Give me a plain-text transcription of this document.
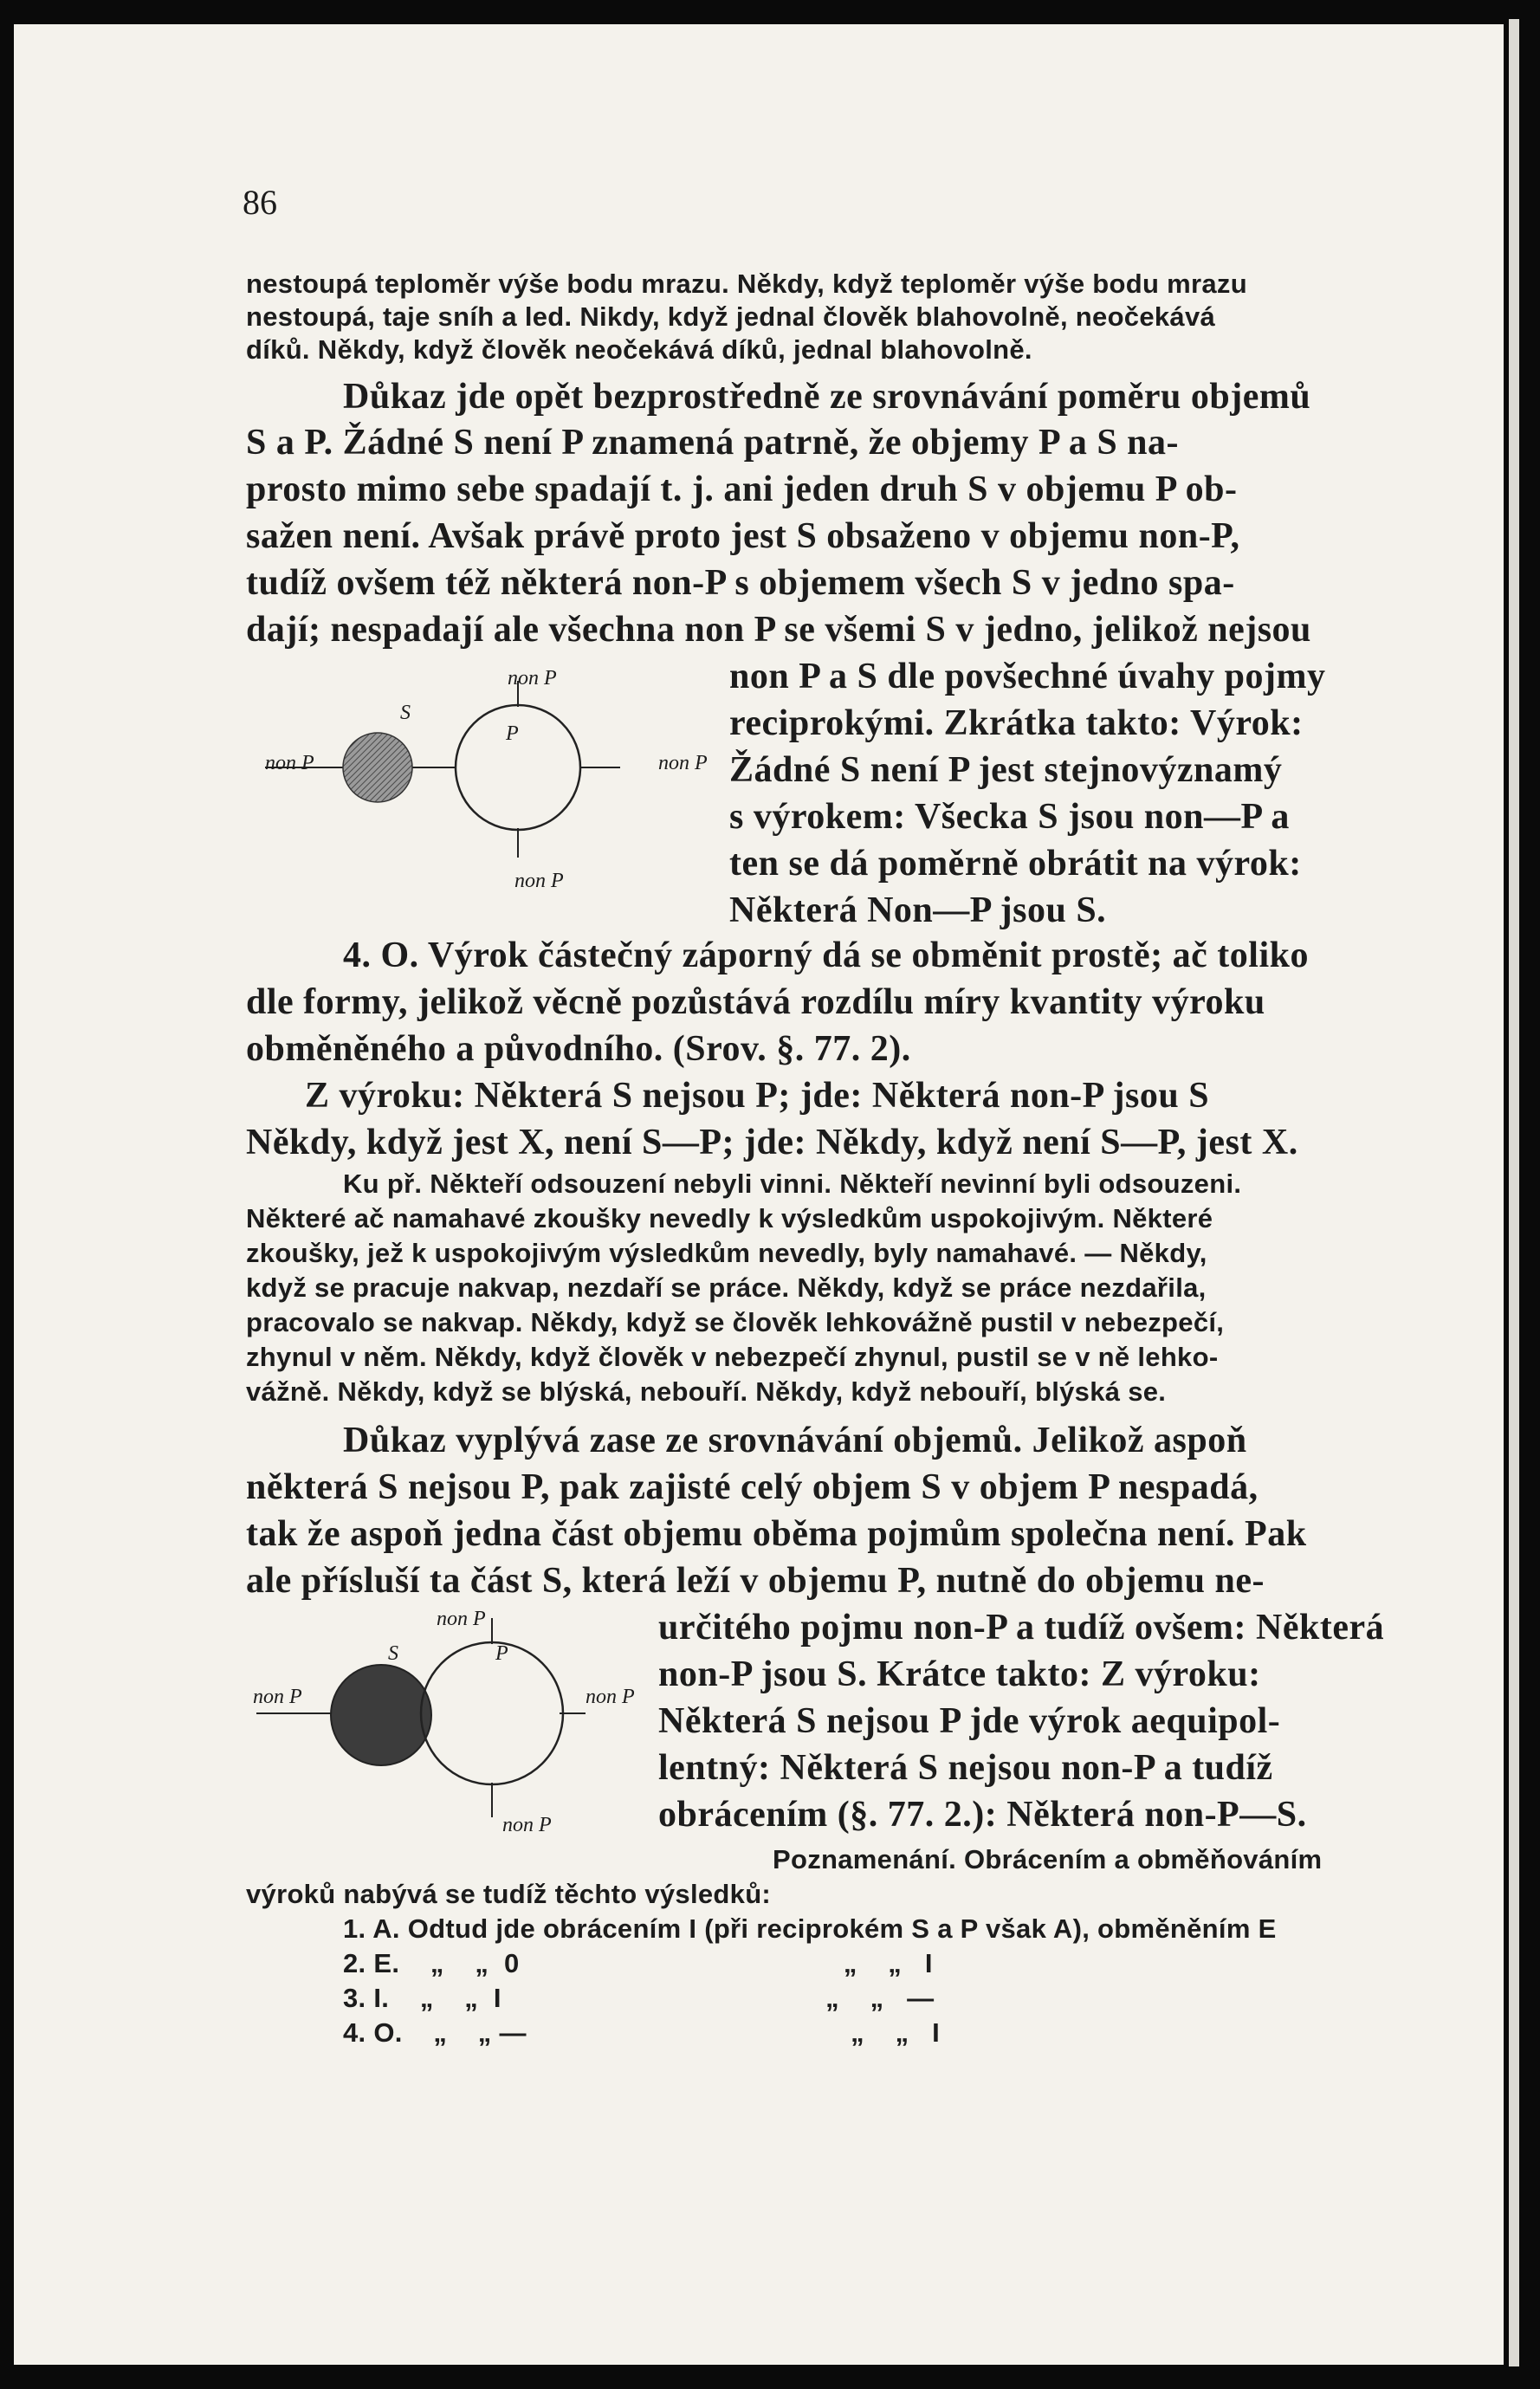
86
nestoupá teploměr výše bodu mrazu. Někdy, když teploměr výše bodu mrazu
nestoupá, taje sníh a led. Nikdy, když jednal člověk blahovolně, neočekává
díků. Někdy, když člověk neočekává díků, jednal blahovolně.
Důkaz jde opět bezprostředně ze srovnávání poměru objemů
S a P. Žádné S není P znamená patrně, že objemy P a S na-
prosto mimo sebe spadají t. j. ani jeden druh S v objemu P ob-
sažen není. Avšak právě proto jest S obsaženo v objemu non-P,
tudíž ovšem též některá non-P s objemem všech S v jedno spa-
dají; nespadají ale všechna non P se všemi S v jedno, jelikož nejsou
non P a S dle povšechné úvahy pojmy
reciprokými. Zkrátka takto: Výrok:
Žádné S není P jest stejnovýznamý
s výrokem: Všecka S jsou non—P a
ten se dá poměrně obrátit na výrok:
Některá Non—P jsou S.
non P
non P	non P
non P
S
P
4. O. Výrok částečný záporný dá se obměnit prostě; ač toliko
dle formy, jelikož věcně pozůstává rozdílu míry kvantity výroku
obměněného a původního. (Srov. §. 77. 2).
Z výroku: Některá S nejsou P; jde: Některá non-P jsou S
Někdy, když jest X, není S—P; jde: Někdy, když není S—P, jest X.
Ku př. Někteří odsouzení nebyli vinni. Někteří nevinní byli odsouzeni.
Některé ač namahavé zkoušky nevedly k výsledkům uspokojivým. Některé
zkoušky, jež k uspokojivým výsledkům nevedly, byly namahavé. — Někdy,
když se pracuje nakvap, nezdaří se práce. Někdy, když se práce nezdařila,
pracovalo se nakvap. Někdy, když se člověk lehkovážně pustil v nebezpečí,
zhynul v něm. Někdy, když člověk v nebezpečí zhynul, pustil se v ně lehko-
vážně. Někdy, když se blýská, nebouří. Někdy, když nebouří, blýská se.
Důkaz vyplývá zase ze srovnávání objemů. Jelikož aspoň
některá S nejsou P, pak zajisté celý objem S v objem P nespadá,
tak že aspoň jedna část objemu oběma pojmům společna není. Pak
ale přísluší ta část S, která leží v objemu P, nutně do objemu ne-
určitého pojmu non-P a tudíž ovšem: Některá
non-P jsou S. Krátce takto: Z výroku:
Některá S nejsou P jde výrok aequipol-
lentný: Některá S nejsou non-P a tudíž
obrácením (§. 77. 2.): Některá non-P—S.
non P
non P	non P
non P
S	P
Poznamenání. Obrácením a obměňováním
výroků nabývá se tudíž těchto výsledků:
1. A. Odtud jde obrácením I (při reciprokém S a P však A), obměněním E
2. E.    „    „  0                                          „    „   I
3. I.    „    „  I                                          „    „   —
4. O.    „    „ —                                          „    „   I
